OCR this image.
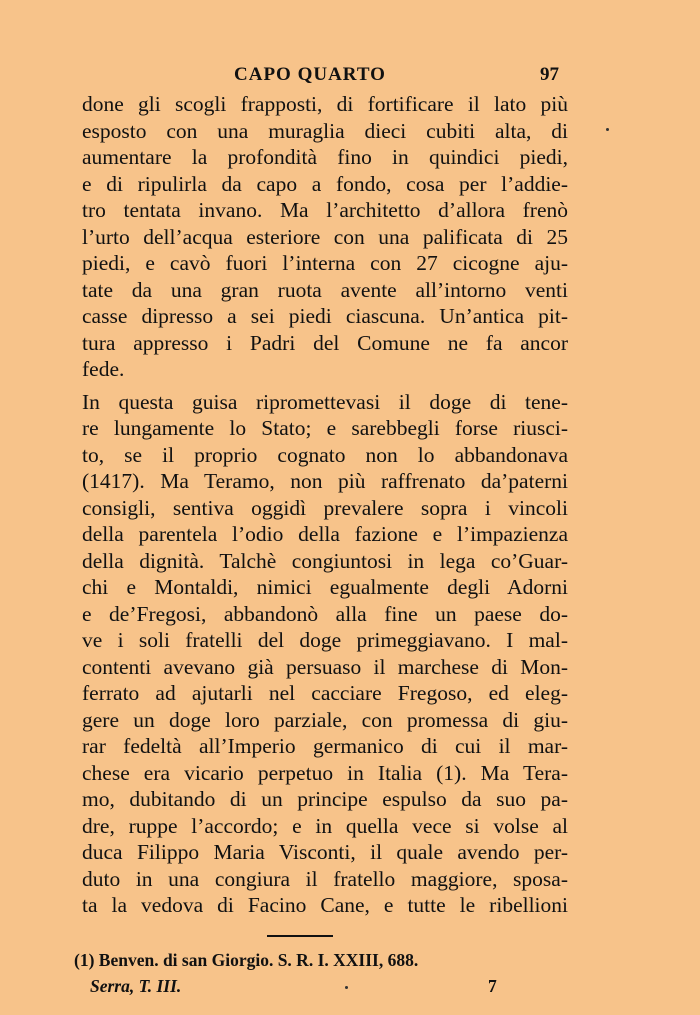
CAPO QUARTO	97
done gli scogli frapposti, di fortificare il lato più
esposto con una muraglia dieci cubiti alta, di
aumentare la profondità fino in quindici piedi,
e di ripulirla da capo a fondo, cosa per l’addie-
tro tentata invano. Ma l’architetto d’allora frenò
l’urto dell’acqua esteriore con una palificata di 25
piedi, e cavò fuori l’interna con 27 cicogne aju-
tate da una gran ruota avente all’intorno venti
casse dipresso a sei piedi ciascuna. Un’antica pit-
tura appresso i Padri del Comune ne fa ancor
fede.
In questa guisa ripromettevasi il doge di tene-
re lungamente lo Stato; e sarebbegli forse riusci-
to, se il proprio cognato non lo abbandonava
(1417). Ma Teramo, non più raffrenato da’paterni
consigli, sentiva oggidì prevalere sopra i vincoli
della parentela l’odio della fazione e l’impazienza
della dignità. Talchè congiuntosi in lega co’Guar-
chi e Montaldi, nimici egualmente degli Adorni
e de’Fregosi, abbandonò alla fine un paese do-
ve i soli fratelli del doge primeggiavano. I mal-
contenti avevano già persuaso il marchese di Mon-
ferrato ad ajutarli nel cacciare Fregoso, ed eleg-
gere un doge loro parziale, con promessa di giu-
rar fedeltà all’Imperio germanico di cui il mar-
chese era vicario perpetuo in Italia (1). Ma Tera-
mo, dubitando di un principe espulso da suo pa-
dre, ruppe l’accordo; e in quella vece si volse al
duca Filippo Maria Visconti, il quale avendo per-
duto in una congiura il fratello maggiore, sposa-
ta la vedova di Facino Cane, e tutte le ribellioni
(1) Benven. di san Giorgio. S. R. I. XXIII, 688.
Serra, T. III.	7
